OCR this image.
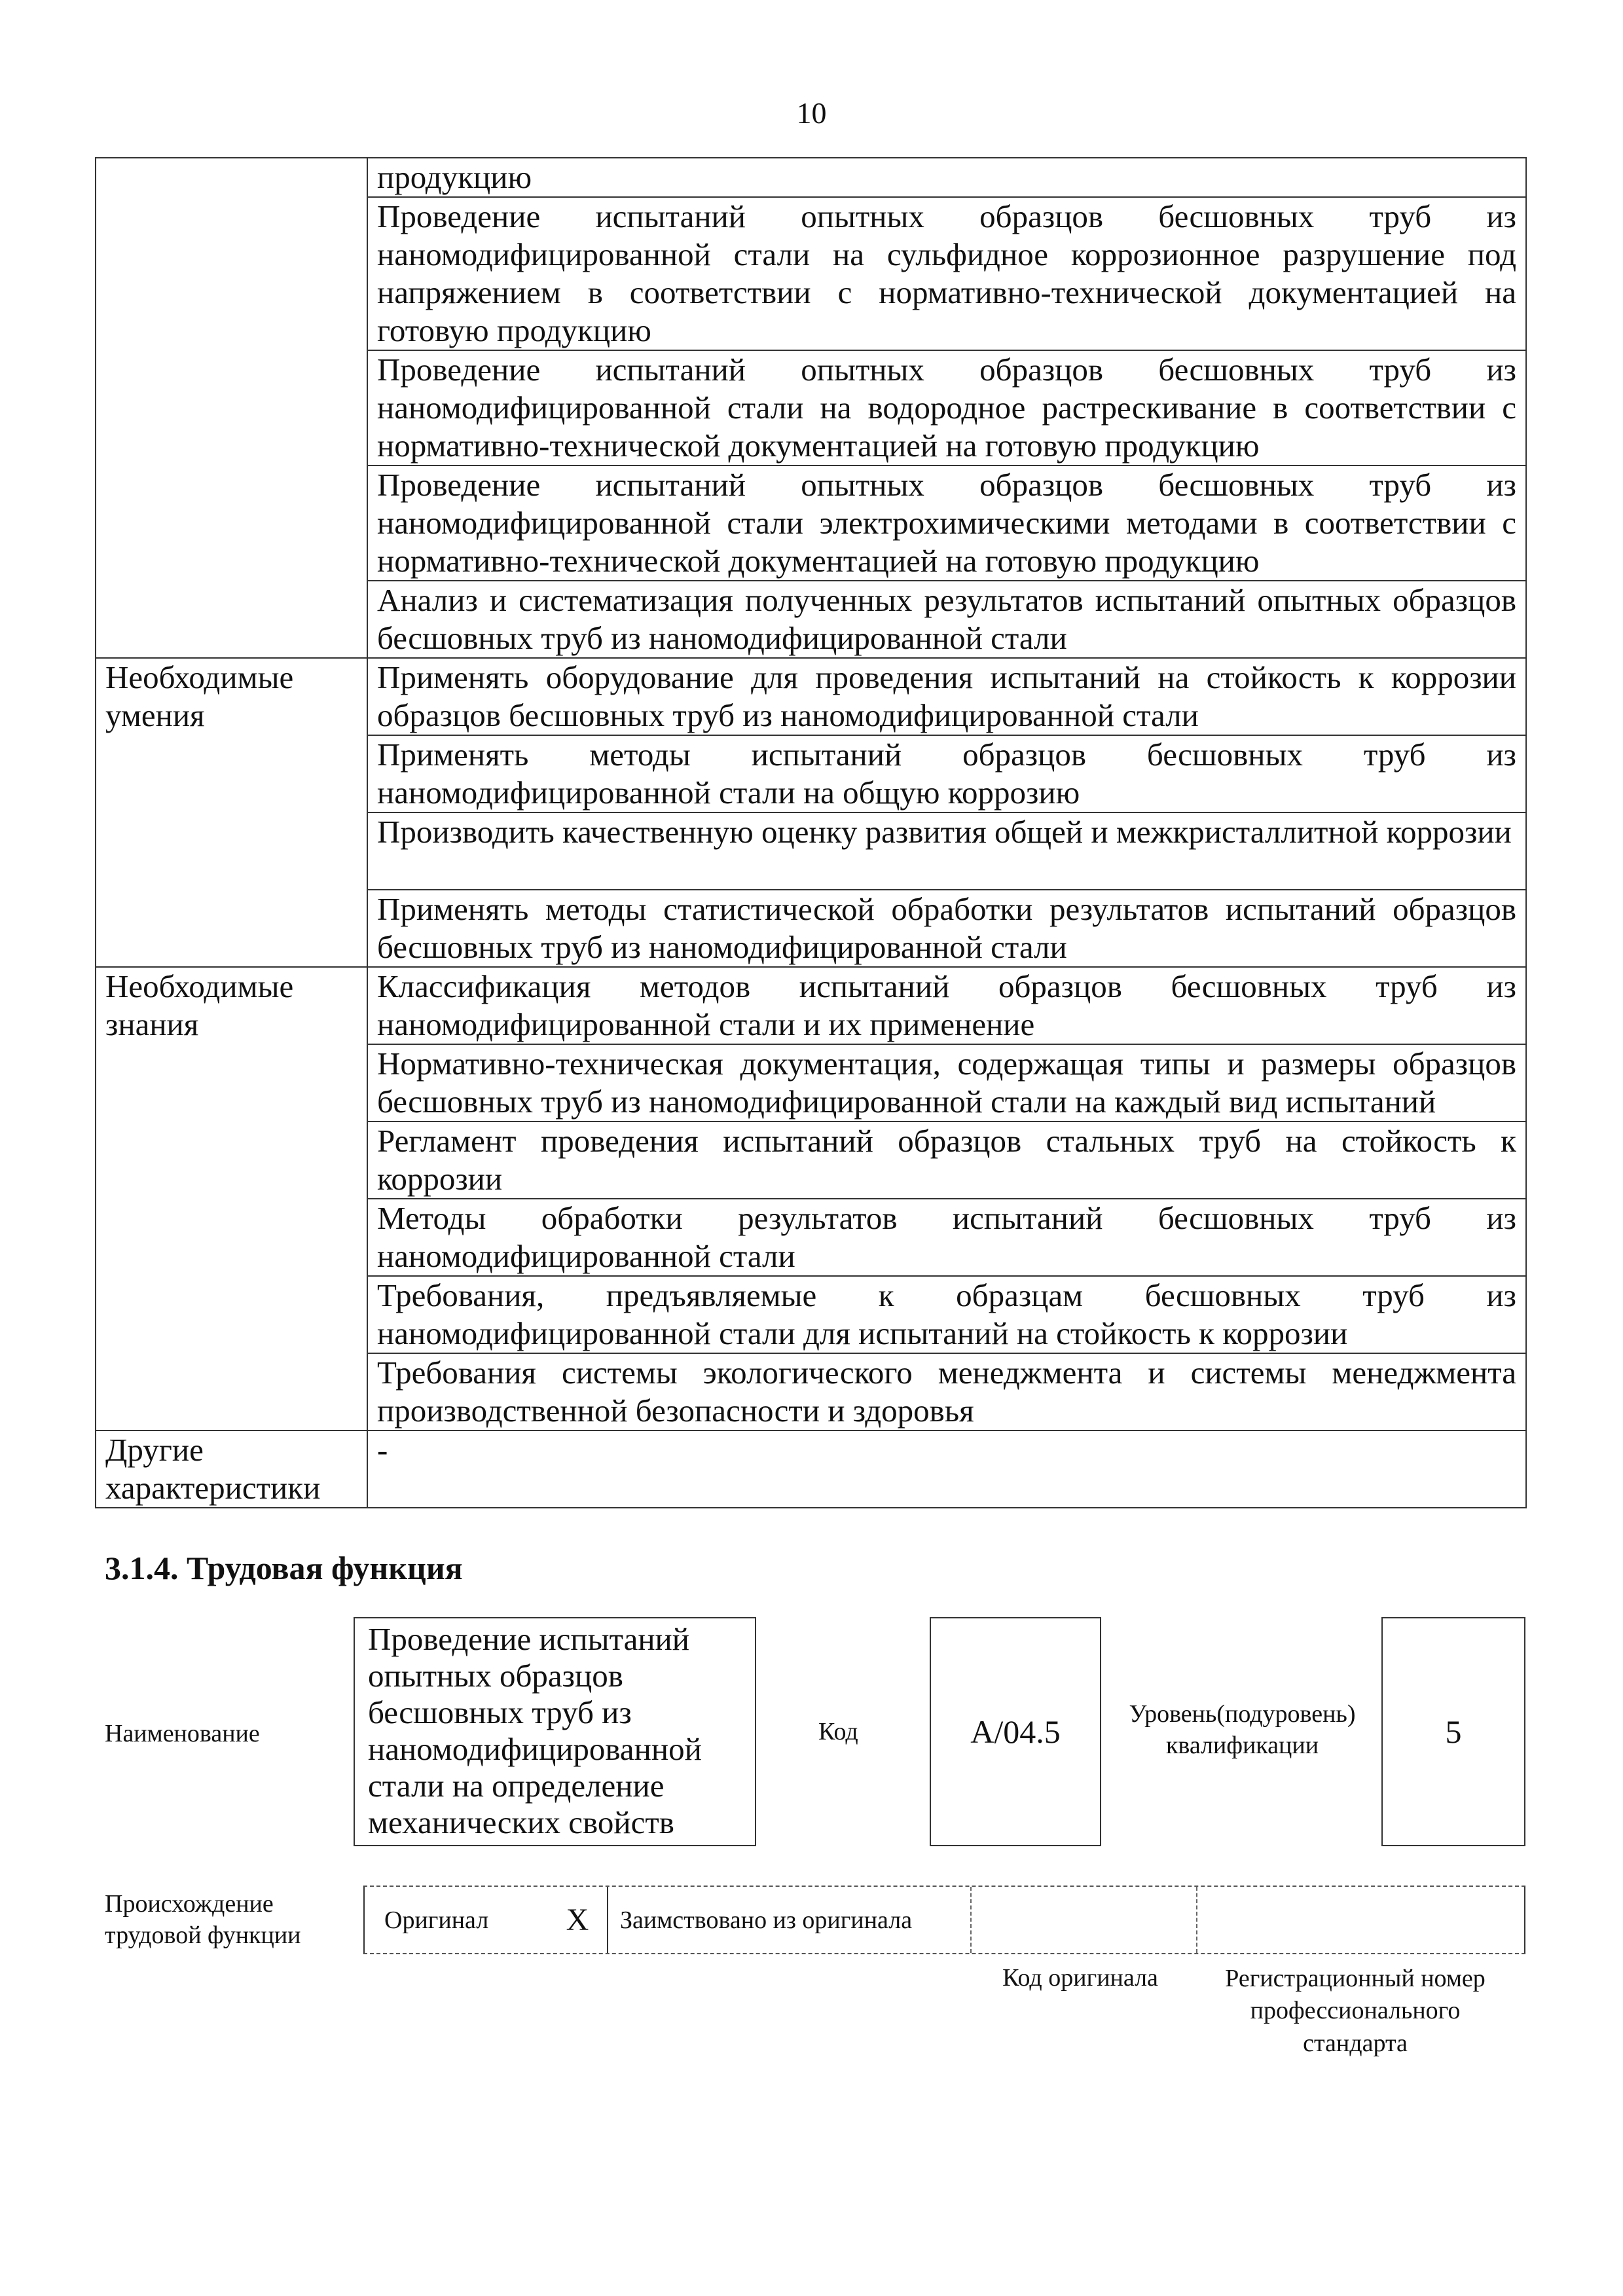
10
	продукцию
	Проведение испытаний опытных образцов бесшовных труб из наномодифицированной стали на сульфидное коррозионное разрушение под напряжением в соответствии с нормативно-технической документацией на готовую продукцию
	Проведение испытаний опытных образцов бесшовных труб из наномодифицированной стали на водородное растрескивание в соответствии с нормативно-технической документацией на готовую продукцию
	Проведение испытаний опытных образцов бесшовных труб из наномодифицированной стали электрохимическими методами в соответствии с нормативно-технической документацией на готовую продукцию
	Анализ и систематизация полученных результатов испытаний опытных образцов бесшовных труб из наномодифицированной стали
Необходимые умения	Применять оборудование для проведения испытаний на стойкость к коррозии образцов бесшовных труб из наномодифицированной стали
	Применять методы испытаний образцов бесшовных труб из наномодифицированной стали на общую коррозию
	Производить качественную оценку развития общей и межкристаллитной коррозии
	Применять методы статистической обработки результатов испытаний образцов бесшовных труб из наномодифицированной стали
Необходимые знания	Классификация методов испытаний образцов бесшовных труб из наномодифицированной стали и их применение
	Нормативно-техническая документация, содержащая типы и размеры образцов бесшовных труб из наномодифицированной стали на каждый вид испытаний
	Регламент проведения испытаний образцов стальных труб на стойкость к коррозии
	Методы обработки результатов испытаний бесшовных труб из наномодифицированной стали
	Требования, предъявляемые к образцам бесшовных труб из наномодифицированной стали для испытаний на стойкость к коррозии
	Требования системы экологического менеджмента и системы менеджмента производственной безопасности и здоровья
Другие характеристики	-
3.1.4. Трудовая функция
Наименование
Проведение испытаний опытных образцов бесшовных труб из наномодифицированной стали на определение механических свойств
Код	A/04.5	Уровень(подуровень) квалификации	5
Происхождение трудовой функции
Оригинал	X	Заимствовано из оригинала
Код оригинала	Регистрационный номер профессионального стандарта
